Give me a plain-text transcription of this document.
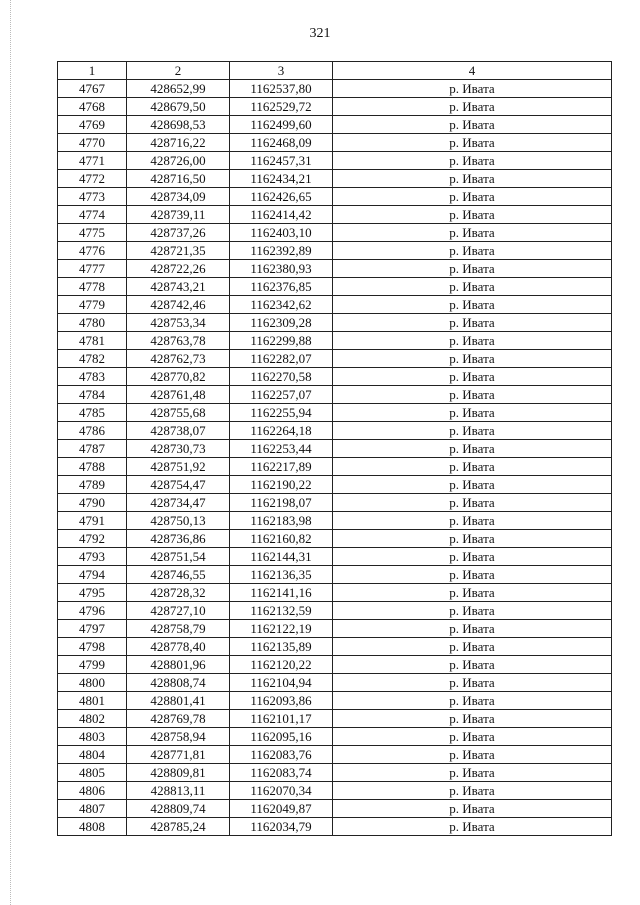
321
1	2	3	4
4767	428652,99	1162537,80	р. Ивата
4768	428679,50	1162529,72	р. Ивата
4769	428698,53	1162499,60	р. Ивата
4770	428716,22	1162468,09	р. Ивата
4771	428726,00	1162457,31	р. Ивата
4772	428716,50	1162434,21	р. Ивата
4773	428734,09	1162426,65	р. Ивата
4774	428739,11	1162414,42	р. Ивата
4775	428737,26	1162403,10	р. Ивата
4776	428721,35	1162392,89	р. Ивата
4777	428722,26	1162380,93	р. Ивата
4778	428743,21	1162376,85	р. Ивата
4779	428742,46	1162342,62	р. Ивата
4780	428753,34	1162309,28	р. Ивата
4781	428763,78	1162299,88	р. Ивата
4782	428762,73	1162282,07	р. Ивата
4783	428770,82	1162270,58	р. Ивата
4784	428761,48	1162257,07	р. Ивата
4785	428755,68	1162255,94	р. Ивата
4786	428738,07	1162264,18	р. Ивата
4787	428730,73	1162253,44	р. Ивата
4788	428751,92	1162217,89	р. Ивата
4789	428754,47	1162190,22	р. Ивата
4790	428734,47	1162198,07	р. Ивата
4791	428750,13	1162183,98	р. Ивата
4792	428736,86	1162160,82	р. Ивата
4793	428751,54	1162144,31	р. Ивата
4794	428746,55	1162136,35	р. Ивата
4795	428728,32	1162141,16	р. Ивата
4796	428727,10	1162132,59	р. Ивата
4797	428758,79	1162122,19	р. Ивата
4798	428778,40	1162135,89	р. Ивата
4799	428801,96	1162120,22	р. Ивата
4800	428808,74	1162104,94	р. Ивата
4801	428801,41	1162093,86	р. Ивата
4802	428769,78	1162101,17	р. Ивата
4803	428758,94	1162095,16	р. Ивата
4804	428771,81	1162083,76	р. Ивата
4805	428809,81	1162083,74	р. Ивата
4806	428813,11	1162070,34	р. Ивата
4807	428809,74	1162049,87	р. Ивата
4808	428785,24	1162034,79	р. Ивата
